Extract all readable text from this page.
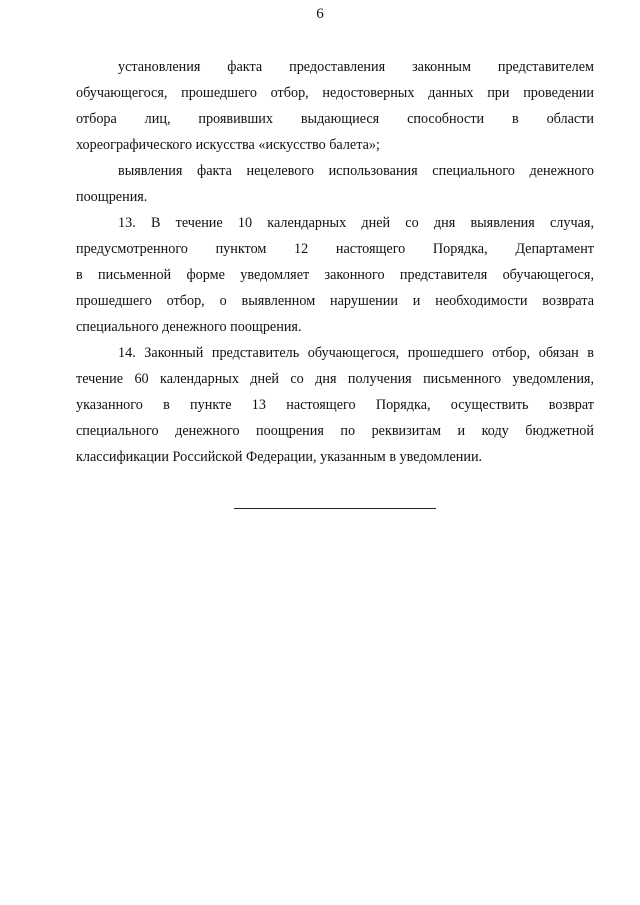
6
установления факта предоставления законным представителем
обучающегося, прошедшего отбор, недостоверных данных при проведении
отбора лиц, проявивших выдающиеся способности в области
хореографического искусства «искусство балета»;
выявления факта нецелевого использования специального денежного
поощрения.
13. В течение 10 календарных дней со дня выявления случая,
предусмотренного пунктом 12 настоящего Порядка, Департамент
в письменной форме уведомляет законного представителя обучающегося,
прошедшего отбор, о выявленном нарушении и необходимости возврата
специального денежного поощрения.
14. Законный представитель обучающегося, прошедшего отбор, обязан в
течение 60 календарных дней со дня получения письменного уведомления,
указанного в пункте 13 настоящего Порядка, осуществить возврат
специального денежного поощрения по реквизитам и коду бюджетной
классификации Российской Федерации, указанным в уведомлении.
